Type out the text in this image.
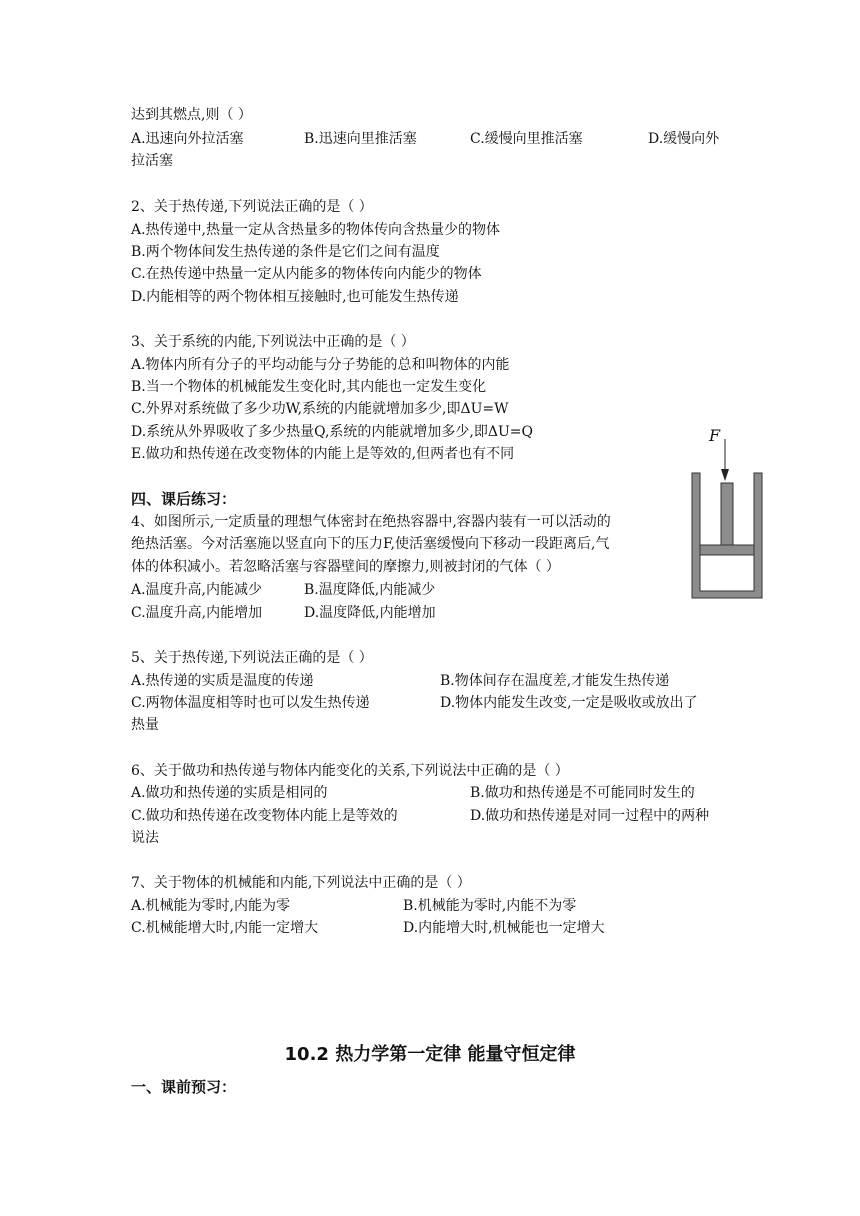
达到其燃点,则（ ）
A.迅速向外拉活塞	B.迅速向里推活塞	C.缓慢向里推活塞	D.缓慢向外
拉活塞
2、关于热传递,下列说法正确的是（ ）
A.热传递中,热量一定从含热量多的物体传向含热量少的物体
B.两个物体间发生热传递的条件是它们之间有温度
C.在热传递中热量一定从内能多的物体传向内能少的物体
D.内能相等的两个物体相互接触时,也可能发生热传递
3、关于系统的内能,下列说法中正确的是（ ）
A.物体内所有分子的平均动能与分子势能的总和叫物体的内能
B.当一个物体的机械能发生变化时,其内能也一定发生变化
C.外界对系统做了多少功W,系统的内能就增加多少,即ΔU=W
D.系统从外界吸收了多少热量Q,系统的内能就增加多少,即ΔU=Q
E.做功和热传递在改变物体的内能上是等效的,但两者也有不同
四、课后练习：
4、如图所示,一定质量的理想气体密封在绝热容器中,容器内装有一可以活动的
绝热活塞。今对活塞施以竖直向下的压力F,使活塞缓慢向下移动一段距离后,气
体的体积减小。若忽略活塞与容器壁间的摩擦力,则被封闭的气体（ ）
A.温度升高,内能减少	B.温度降低,内能减少
C.温度升高,内能增加	D.温度降低,内能增加
F
5、关于热传递,下列说法正确的是（ ）
A.热传递的实质是温度的传递	B.物体间存在温度差,才能发生热传递
C.两物体温度相等时也可以发生热传递	D.物体内能发生改变,一定是吸收或放出了
热量
6、关于做功和热传递与物体内能变化的关系,下列说法中正确的是（ ）
A.做功和热传递的实质是相同的	B.做功和热传递是不可能同时发生的
C.做功和热传递在改变物体内能上是等效的	D.做功和热传递是对同一过程中的两种
说法
7、关于物体的机械能和内能,下列说法中正确的是（ ）
A.机械能为零时,内能为零	B.机械能为零时,内能不为零
C.机械能增大时,内能一定增大	D.内能增大时,机械能也一定增大
10.2 热力学第一定律 能量守恒定律
一、课前预习：
